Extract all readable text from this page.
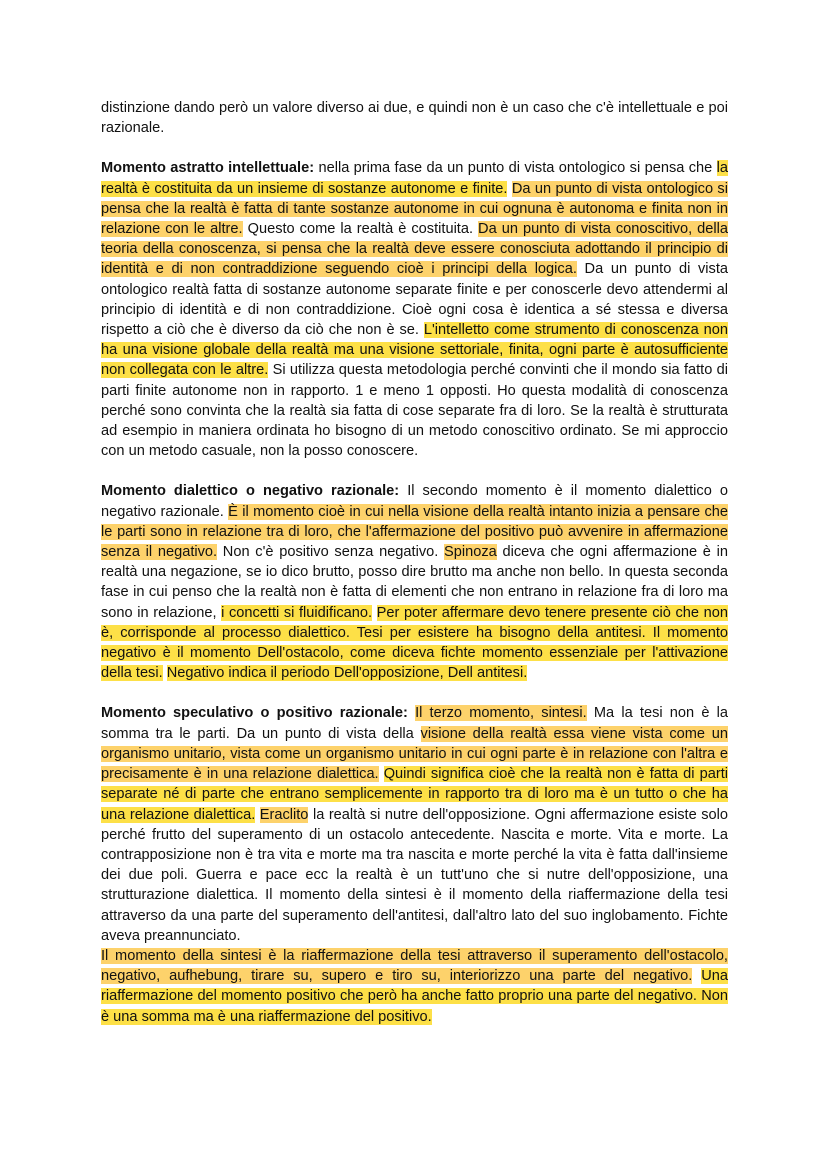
distinzione dando però un valore diverso ai due, e quindi non è un caso che c'è intellettuale e poi razionale.

Momento astratto intellettuale: nella prima fase da un punto di vista ontologico si pensa che la realtà è costituita da un insieme di sostanze autonome e finite. Da un punto di vista ontologico si pensa che la realtà è fatta di tante sostanze autonome in cui ognuna è autonoma e finita non in relazione con le altre. Questo come la realtà è costituita. Da un punto di vista conoscitivo, della teoria della conoscenza, si pensa che la realtà deve essere conosciuta adottando il principio di identità e di non contraddizione seguendo cioè i principi della logica. Da un punto di vista ontologico realtà fatta di sostanze autonome separate finite e per conoscerle devo attendermi al principio di identità e di non contraddizione. Cioè ogni cosa è identica a sé stessa e diversa rispetto a ciò che è diverso da ciò che non è se. L'intelletto come strumento di conoscenza non ha una visione globale della realtà ma una visione settoriale, finita, ogni parte è autosufficiente non collegata con le altre. Si utilizza questa metodologia perché convinti che il mondo sia fatto di parti finite autonome non in rapporto. 1 e meno 1 opposti. Ho questa modalità di conoscenza perché sono convinta che la realtà sia fatta di cose separate fra di loro. Se la realtà è strutturata ad esempio in maniera ordinata ho bisogno di un metodo conoscitivo ordinato. Se mi approccio con un metodo casuale, non la posso conoscere.

Momento dialettico o negativo razionale: Il secondo momento è il momento dialettico o negativo razionale. È il momento cioè in cui nella visione della realtà intanto inizia a pensare che le parti sono in relazione tra di loro, che l'affermazione del positivo può avvenire in affermazione senza il negativo. Non c'è positivo senza negativo. Spinoza diceva che ogni affermazione è in realtà una negazione, se io dico brutto, posso dire brutto ma anche non bello. In questa seconda fase in cui penso che la realtà non è fatta di elementi che non entrano in relazione fra di loro ma sono in relazione, i concetti si fluidificano. Per poter affermare devo tenere presente ciò che non è, corrisponde al processo dialettico. Tesi per esistere ha bisogno della antitesi. Il momento negativo è il momento Dell'ostacolo, come diceva fichte momento essenziale per l'attivazione della tesi. Negativo indica il periodo Dell'opposizione, Dell antitesi.

Momento speculativo o positivo razionale: Il terzo momento, sintesi. Ma la tesi non è la somma tra le parti. Da un punto di vista della visione della realtà essa viene vista come un organismo unitario, vista come un organismo unitario in cui ogni parte è in relazione con l'altra e precisamente è in una relazione dialettica. Quindi significa cioè che la realtà non è fatta di parti separate né di parte che entrano semplicemente in rapporto tra di loro ma è un tutto o che ha una relazione dialettica. Eraclito la realtà si nutre dell'opposizione. Ogni affermazione esiste solo perché frutto del superamento di un ostacolo antecedente. Nascita e morte. Vita e morte. La contrapposizione non è tra vita e morte ma tra nascita e morte perché la vita è fatta dall'insieme dei due poli. Guerra e pace ecc la realtà è un tutt'uno che si nutre dell'opposizione, una strutturazione dialettica. Il momento della sintesi è il momento della riaffermazione della tesi attraverso da una parte del superamento dell'antitesi, dall'altro lato del suo inglobamento. Fichte aveva preannunciato.

Il momento della sintesi è la riaffermazione della tesi attraverso il superamento dell'ostacolo, negativo, aufhebung, tirare su, supero e tiro su, interiorizzo una parte del negativo. Una riaffermazione del momento positivo che però ha anche fatto proprio una parte del negativo. Non è una somma ma è una riaffermazione del positivo.
